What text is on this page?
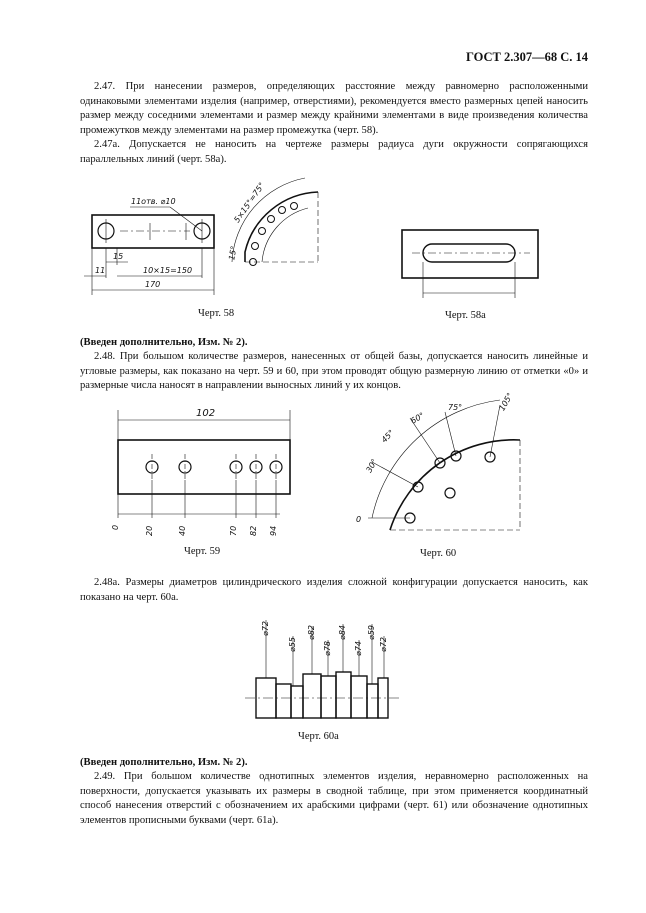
ГОСТ 2.307—68 С. 14

2.47. При нанесении размеров, определяющих расстояние между равномерно расположенными одинаковыми элементами изделия (например, отверстиями), рекомендуется вместо размерных цепей наносить размер между соседними элементами и размер между крайними элементами в виде произведения количества промежутков между элементами на размер промежутка (черт. 58).

2.47а. Допускается не наносить на чертеже размеры радиуса дуги окружности сопрягающихся параллельных линий (черт. 58а).

(Введен дополнительно, Изм. № 2).

2.48. При большом количестве размеров, нанесенных от общей базы, допускается наносить линейные и угловые размеры, как показано на черт. 59 и 60, при этом проводят общую размерную линию от отметки «0» и размерные числа наносят в направлении выносных линий у их концов.

2.48а. Размеры диаметров цилиндрического изделия сложной конфигурации допускается наносить, как показано на черт. 60а.

(Введен дополнительно, Изм. № 2).

2.49. При большом количестве однотипных элементов изделия, неравномерно расположенных на поверхности, допускается указывать их размеры в сводной таблице, при этом применяется координатный способ нанесения отверстий с обозначением их арабскими цифрами (черт. 61) или обозначение однотипных элементов прописными буквами (черт. 61а).

Черт. 58	Черт. 58а
Черт. 59	Черт. 60
Черт. 60а
11отв. ⌀10
15
10×15=150
11
170
5×15°=75°
15°
102
0	20	40	70 82 94
0
30°
45°
60°
75°	105°
⌀72
⌀55
⌀82
⌀78
⌀84
⌀74
⌀59
⌀72
